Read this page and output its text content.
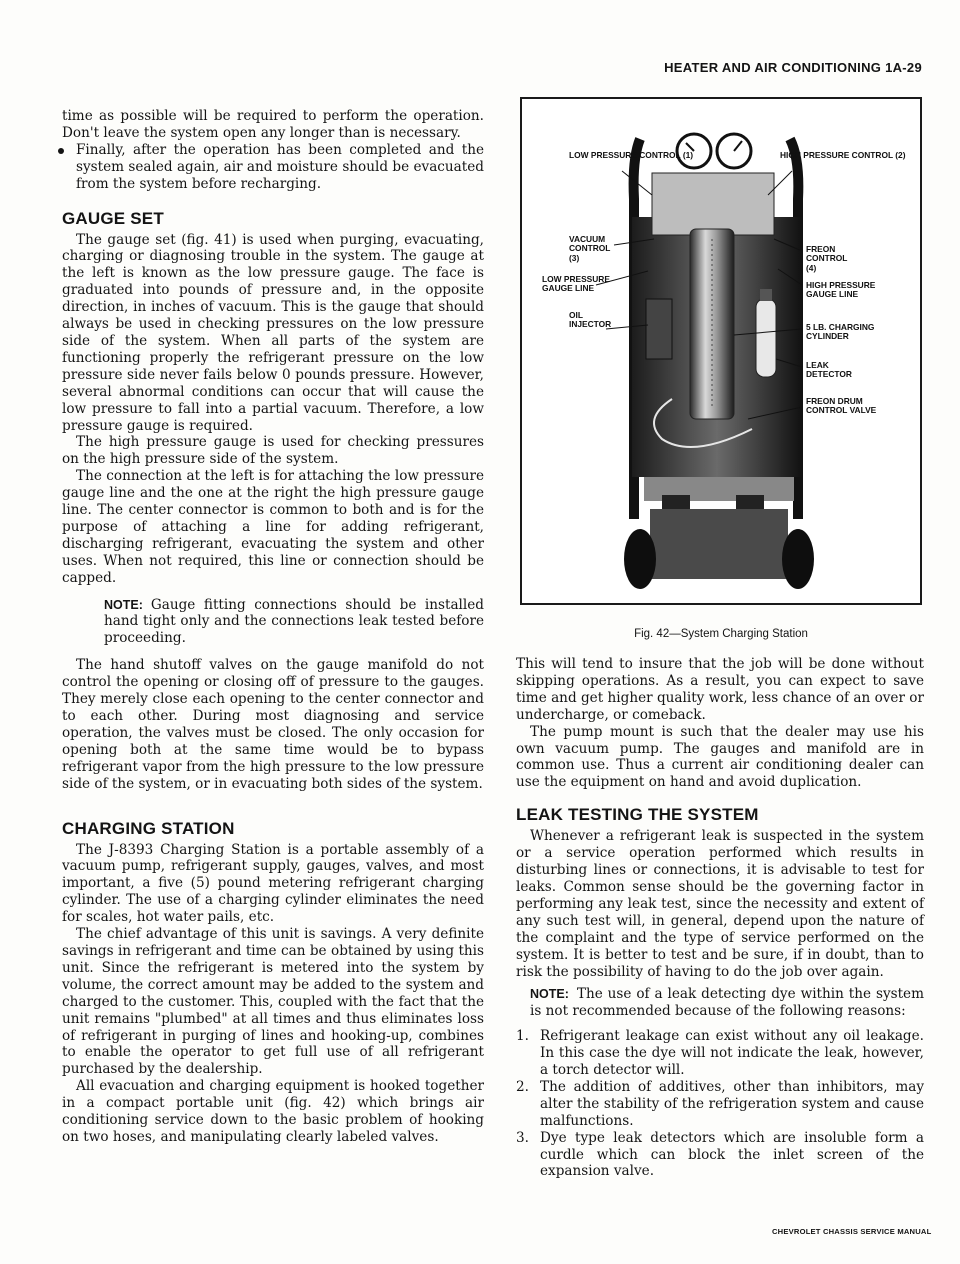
HEATER AND AIR CONDITIONING 1A-29

time as possible will be required to perform the operation. Don't leave the system open any longer than is necessary.

Finally, after the operation has been completed and the system sealed again, air and moisture should be evacuated from the system before recharging.

GAUGE SET

The gauge set (fig. 41) is used when purging, evacuating, charging or diagnosing trouble in the system. The gauge at the left is known as the low pressure gauge. The face is graduated into pounds of pressure and, in the opposite direction, in inches of vacuum. This is the gauge that should always be used in checking pressures on the low pressure side of the system. When all parts of the system are functioning properly the refrigerant pressure on the low pressure side never fails below 0 pounds pressure. However, several abnormal conditions can occur that will cause the low pressure to fall into a partial vacuum. Therefore, a low pressure gauge is required.

The high pressure gauge is used for checking pressures on the high pressure side of the system.

The connection at the left is for attaching the low pressure gauge line and the one at the right the high pressure gauge line. The center connector is common to both and is for the purpose of attaching a line for adding refrigerant, discharging refrigerant, evacuating the system and other uses. When not required, this line or connection should be capped.

NOTE: Gauge fitting connections should be installed hand tight only and the connections leak tested before proceeding.

The hand shutoff valves on the gauge manifold do not control the opening or closing off of pressure to the gauges. They merely close each opening to the center connector and to each other. During most diagnosing and service operation, the valves must be closed. The only occasion for opening both at the same time would be to bypass refrigerant vapor from the high pressure to the low pressure side of the system, or in evacuating both sides of the system.

CHARGING STATION

The J-8393 Charging Station is a portable assembly of a vacuum pump, refrigerant supply, gauges, valves, and most important, a five (5) pound metering refrigerant charging cylinder. The use of a charging cylinder eliminates the need for scales, hot water pails, etc.

The chief advantage of this unit is savings. A very definite savings in refrigerant and time can be obtained by using this unit. Since the refrigerant is metered into the system by volume, the correct amount may be added to the system and charged to the customer. This, coupled with the fact that the unit remains "plumbed" at all times and thus eliminates loss of refrigerant in purging of lines and hooking-up, combines to enable the operator to get full use of all refrigerant purchased by the dealership.

All evacuation and charging equipment is hooked together in a compact portable unit (fig. 42) which brings air conditioning service down to the basic problem of hooking on two hoses, and manipulating clearly labeled valves.

LOW PRESSURE CONTROL (1)	HIGH PRESSURE CONTROL (2)
VACUUM CONTROL (3)
FREON CONTROL (4)
LOW PRESSURE GAUGE LINE	HIGH PRESSURE GAUGE LINE
OIL INJECTOR	5 LB. CHARGING CYLINDER
LEAK DETECTOR
FREON DRUM CONTROL VALVE
Fig. 42—System Charging Station

This will tend to insure that the job will be done without skipping operations. As a result, you can expect to save time and get higher quality work, less chance of an over or undercharge, or comeback.

The pump mount is such that the dealer may use his own vacuum pump. The gauges and manifold are in common use. Thus a current air conditioning dealer can use the equipment on hand and avoid duplication.

LEAK TESTING THE SYSTEM

Whenever a refrigerant leak is suspected in the system or a service operation performed which results in disturbing lines or connections, it is advisable to test for leaks. Common sense should be the governing factor in performing any leak test, since the necessity and extent of any such test will, in general, depend upon the nature of the complaint and the type of service performed on the system. It is better to test and be sure, if in doubt, than to risk the possibility of having to do the job over again.

NOTE: The use of a leak detecting dye within the system is not recommended because of the following reasons:

1. Refrigerant leakage can exist without any oil leakage. In this case the dye will not indicate the leak, however, a torch detector will.
2. The addition of additives, other than inhibitors, may alter the stability of the refrigeration system and cause malfunctions.
3. Dye type leak detectors which are insoluble form a curdle which can block the inlet screen of the expansion valve.
CHEVROLET CHASSIS SERVICE MANUAL
